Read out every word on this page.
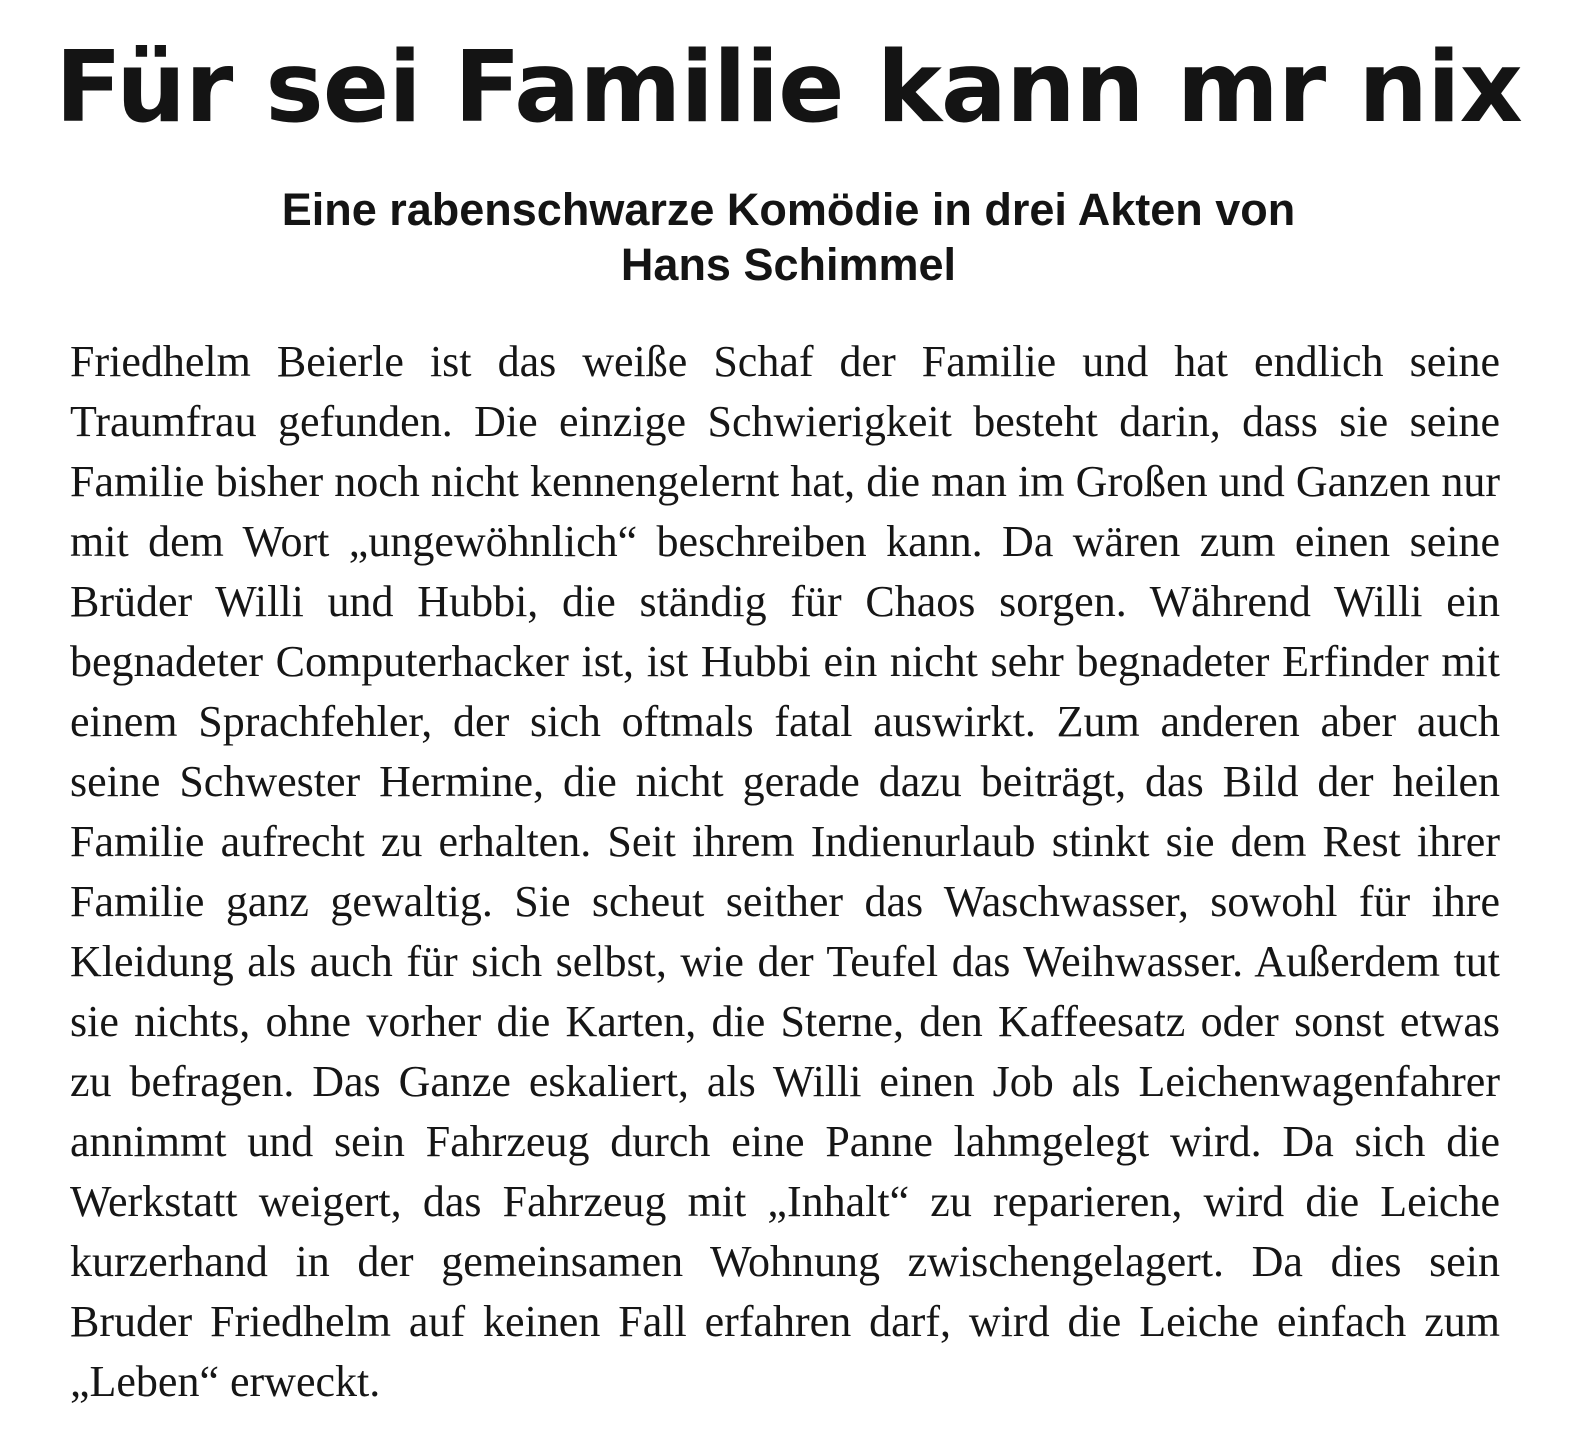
Für sei Familie kann mr nix
Eine rabenschwarze Komödie in drei Akten von
Hans Schimmel

Friedhelm Beierle ist das weiße Schaf der Familie und hat endlich seine Traumfrau gefunden. Die einzige Schwierigkeit besteht darin, dass sie seine Familie bisher noch nicht kennengelernt hat, die man im Großen und Ganzen nur mit dem Wort „ungewöhnlich“ beschreiben kann. Da wären zum einen seine Brüder Willi und Hubbi, die ständig für Chaos sorgen. Während Willi ein begnadeter Computerhacker ist, ist Hubbi ein nicht sehr begnadeter Erfinder mit einem Sprachfehler, der sich oftmals fatal auswirkt. Zum anderen aber auch seine Schwester Hermine, die nicht gerade dazu beiträgt, das Bild der heilen Familie aufrecht zu erhalten. Seit ihrem Indienurlaub stinkt sie dem Rest ihrer Familie ganz gewaltig. Sie scheut seither das Waschwasser, sowohl für ihre Kleidung als auch für sich selbst, wie der Teufel das Weihwasser. Außerdem tut sie nichts, ohne vorher die Karten, die Sterne, den Kaffeesatz oder sonst etwas zu befragen. Das Ganze eskaliert, als Willi einen Job als Leichenwagenfahrer annimmt und sein Fahrzeug durch eine Panne lahmgelegt wird. Da sich die Werkstatt weigert, das Fahrzeug mit „Inhalt“ zu reparieren, wird die Leiche kurzerhand in der gemeinsamen Wohnung zwischengelagert. Da dies sein Bruder Friedhelm auf keinen Fall erfahren darf, wird die Leiche einfach zum „Leben“ erweckt.
